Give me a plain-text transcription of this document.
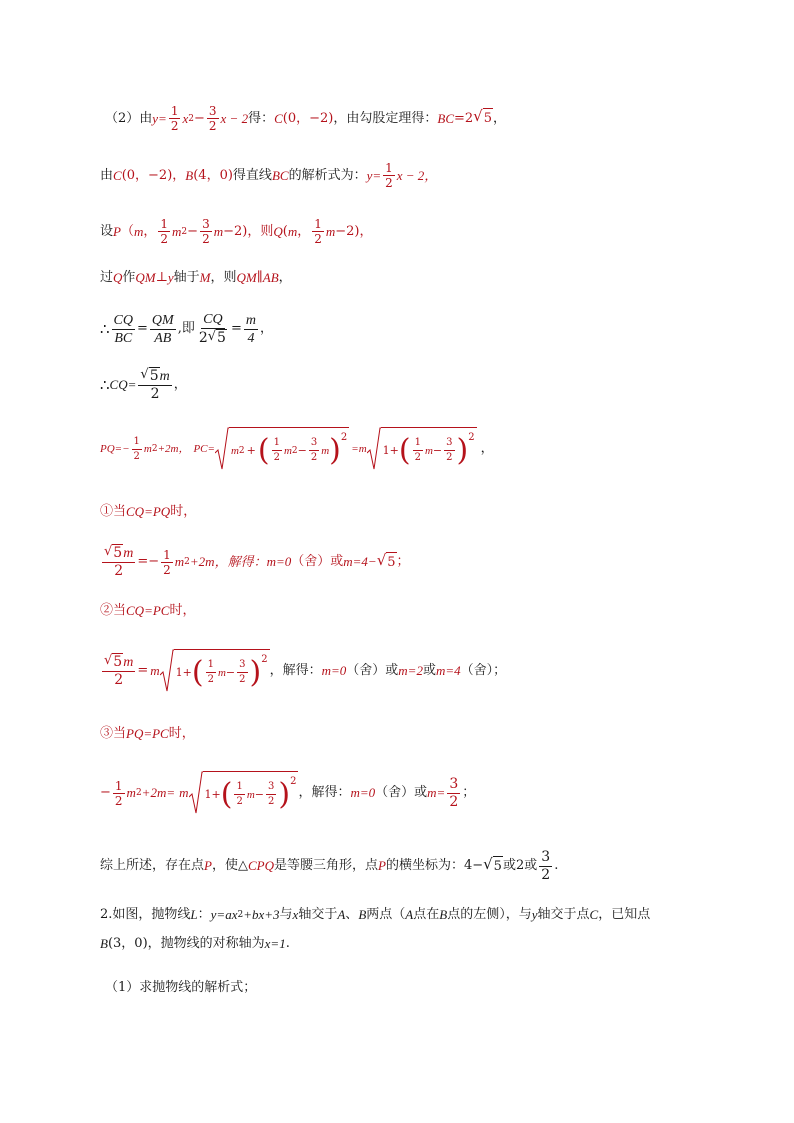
（2）由 $y= \frac{1}{2}$ x $2 - \frac{3}{2}$ x − 2 得： C (0，−2) ，由勾股定理得： BC =2 √ 5 ，
由 C (0，−2)， B (4，0) 得直线 BC 的解析式为： $y= \frac{1}{2}$ x − 2，
设 P （ m ， $\frac{1}{2}$ m $2 - \frac{3}{2}$ m −2)，则 Q ( m ， $\frac{1}{2}$ m −2)，
过 Q 作 QM ⊥ y 轴于 M ，则 QM ∥ AB ，
∴ $\frac{CQ}{BC} = \frac{QM}{AB}$ ,即 $\frac{CQ}{2 √ 5} = \frac{m}{4}$ ，
∴ $CQ= \frac{√ 5 m}{2}$ ，
$PQ=- \frac{1}{2}$ m 2 +2m， PC= m 2 + ( $\frac{1}{2}$ m $2 - \frac{3}{2}$ m ) 2
=m 1+ ( $\frac{1}{2}$ $m - \frac{3}{2}$ ) 2
，
①当 CQ=PQ 时，
$\frac{√ 5 m}{2} =- \frac{1}{2}$ m 2 +2m，解得： m=0 （舍）或 m=4− √ 5 ；
②当 CQ=PC 时，
$\frac{√ 5 m}{2} = m$ 1+ ( $\frac{1}{2}$ $m - \frac{3}{2}$ ) 2
，解得： m=0 （舍）或 m=2 或 m=4 （舍）；
③当 PQ=PC 时，
− $\frac{1}{2}$ m 2 +2m= m 1+ ( $\frac{1}{2}$ $m - \frac{3}{2}$ ) 2
，解得： m=0 （舍）或 $m= \frac{3}{2}$ ；
综上所述，存在点 P ，使△ CPQ 是等腰三角形，点 P 的横坐标为：4− √ 5 或 2 或 $\frac{3}{2}$ .
2.如图，抛物线 L ： y=ax 2 +bx+3 与 x 轴交于 A 、 B 两点（ A 点在 B 点的左侧），与 y 轴交于点 C ，已知点
B (3，0) ，抛物线的对称轴为 x=1 .
（1）求抛物线的解析式；
